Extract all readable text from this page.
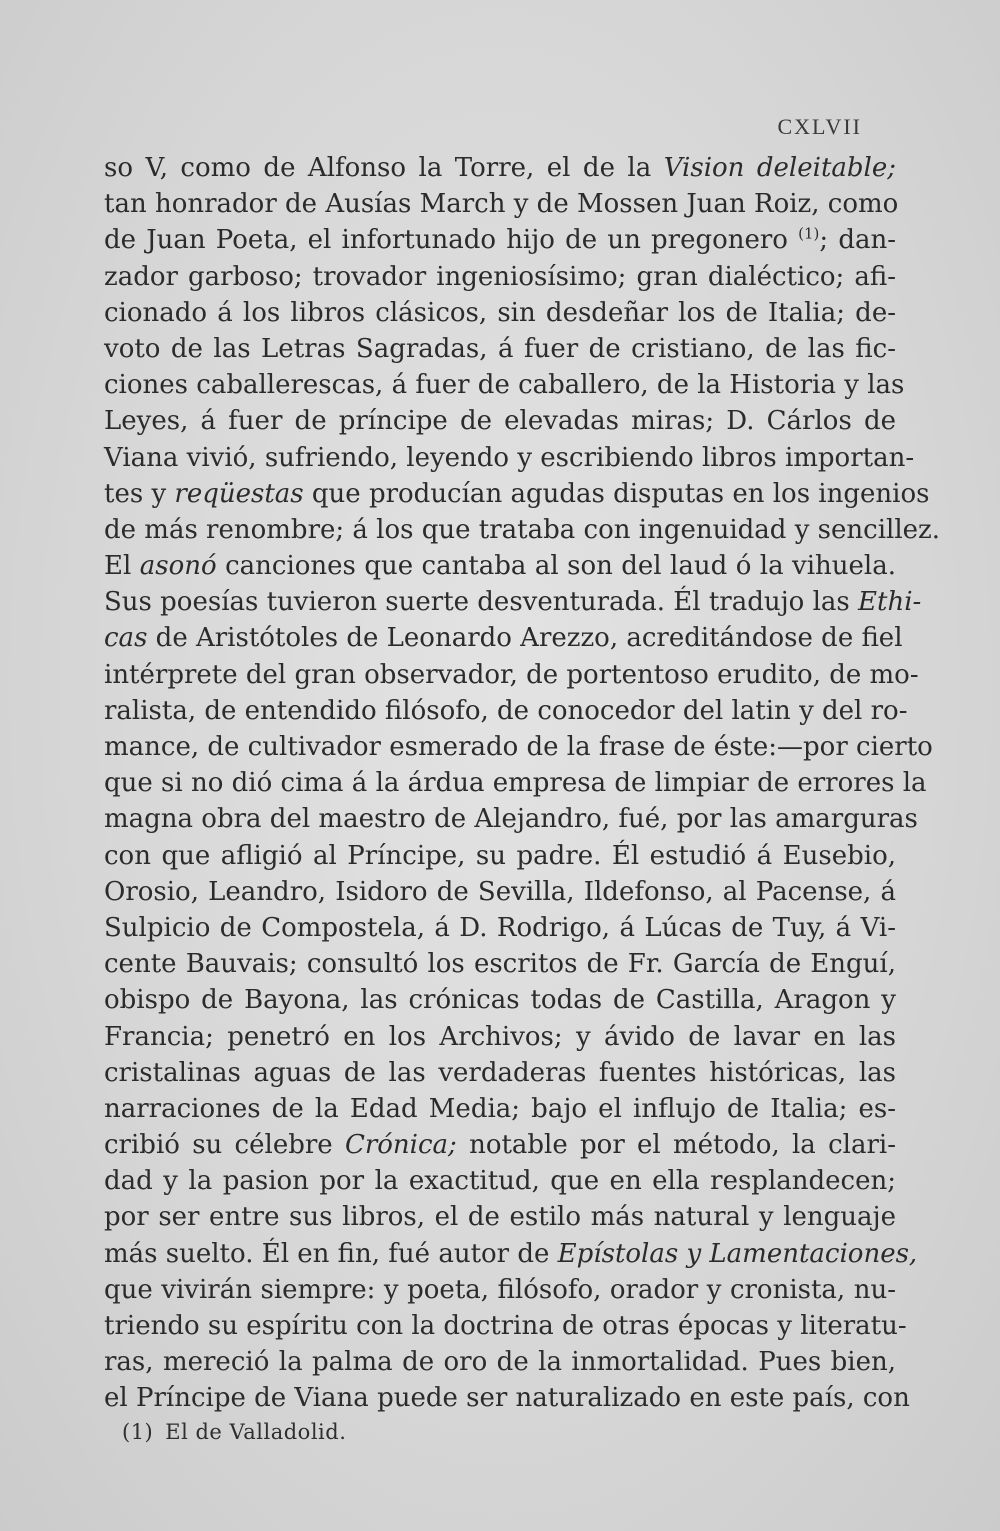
CXLVII
so V, como de Alfonso la Torre, el de la Vision deleitable;
tan honrador de Ausías March y de Mossen Juan Roiz, como
de Juan Poeta, el infortunado hijo de un pregonero $^{(1)}$; dan-
zador garboso; trovador ingeniosísimo; gran dialéctico; afi-
cionado á los libros clásicos, sin desdeñar los de Italia; de-
voto de las Letras Sagradas, á fuer de cristiano, de las fic-
ciones caballerescas, á fuer de caballero, de la Historia y las
Leyes, á fuer de príncipe de elevadas miras; D. Cárlos de
Viana vivió, sufriendo, leyendo y escribiendo libros importan-
tes y reqüestas que producían agudas disputas en los ingenios
de más renombre; á los que trataba con ingenuidad y sencillez.
El asonó canciones que cantaba al son del laud ó la vihuela.
Sus poesías tuvieron suerte desventurada. Él tradujo las Ethi-
cas de Aristótoles de Leonardo Arezzo, acreditándose de fiel
intérprete del gran observador, de portentoso erudito, de mo-
ralista, de entendido filósofo, de conocedor del latin y del ro-
mance, de cultivador esmerado de la frase de éste:—por cierto
que si no dió cima á la árdua empresa de limpiar de errores la
magna obra del maestro de Alejandro, fué, por las amarguras
con que afligió al Príncipe, su padre. Él estudió á Eusebio,
Orosio, Leandro, Isidoro de Sevilla, Ildefonso, al Pacense, á
Sulpicio de Compostela, á D. Rodrigo, á Lúcas de Tuy, á Vi-
cente Bauvais; consultó los escritos de Fr. García de Enguí,
obispo de Bayona, las crónicas todas de Castilla, Aragon y
Francia; penetró en los Archivos; y ávido de lavar en las
cristalinas aguas de las verdaderas fuentes históricas, las
narraciones de la Edad Media; bajo el influjo de Italia; es-
cribió su célebre Crónica; notable por el método, la clari-
dad y la pasion por la exactitud, que en ella resplandecen;
por ser entre sus libros, el de estilo más natural y lenguaje
más suelto. Él en fin, fué autor de Epístolas y Lamentaciones,
que vivirán siempre: y poeta, filósofo, orador y cronista, nu-
triendo su espíritu con la doctrina de otras épocas y literatu-
ras, mereció la palma de oro de la inmortalidad. Pues bien,
el Príncipe de Viana puede ser naturalizado en este país, con
(1) El de Valladolid.
